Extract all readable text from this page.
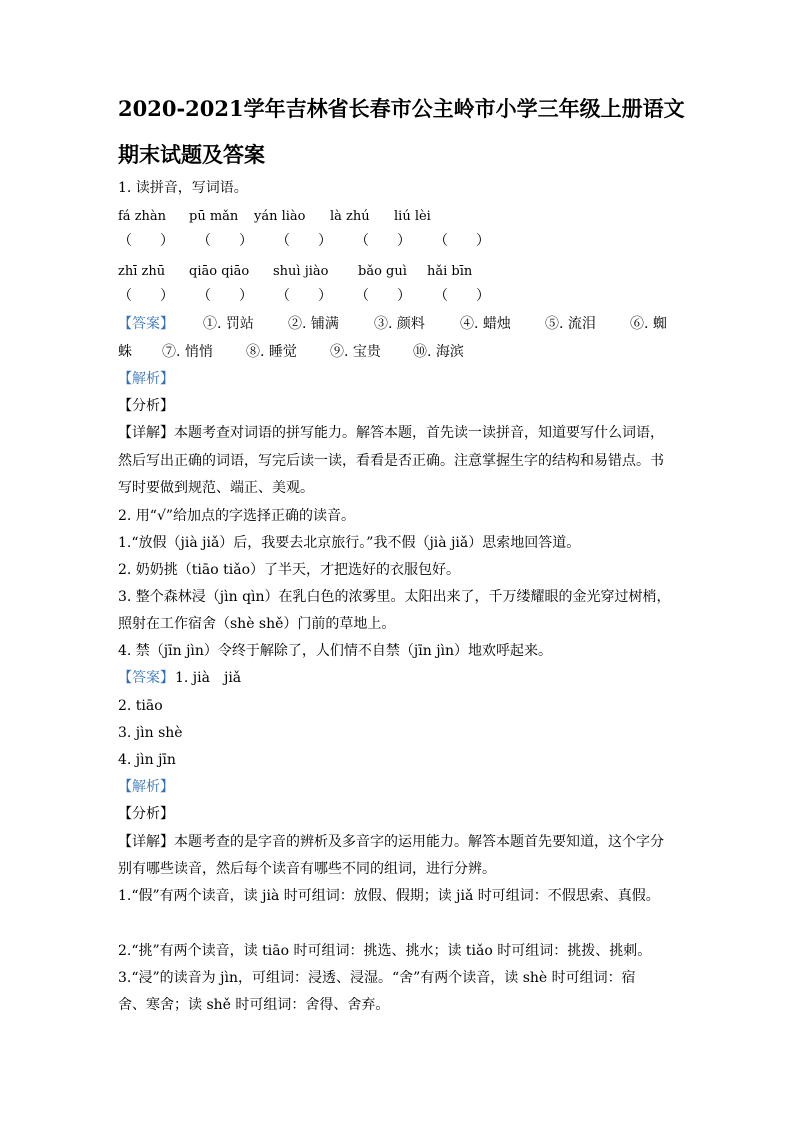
2020-2021学年吉林省长春市公主岭市小学三年级上册语文
期末试题及答案
1. 读拼音，写词语。
fá zhàn pū mǎn yán liào là zhú liú lèi
（　　） （　　） （　　） （　　） （　　）
zhī zhū qiāo qiāo shuì jiào bǎo guì hǎi bīn
（　　） （　　） （　　） （　　） （　　）
【答案】 ①. 罚站 ②. 铺满	③. 颜料	④. 蜡烛 ⑤. 流泪 ⑥. 蜘
蛛 ⑦. 悄悄 ⑧. 睡觉 ⑨. 宝贵 ⑩. 海滨
【解析】
【分析】
【详解】本题考查对词语的拼写能力。解答本题，首先读一读拼音，知道要写什么词语，
然后写出正确的词语，写完后读一读，看看是否正确。注意掌握生字的结构和易错点。书
写时要做到规范、端正、美观。
2. 用“√”给加点的字选择正确的读音。
1.“放假（jià jiǎ）后，我要去北京旅行。”我不假（jià jiǎ）思索地回答道。
2. 奶奶挑（tiāo tiǎo）了半天，才把选好的衣服包好。
3. 整个森林浸（jìn qìn）在乳白色的浓雾里。太阳出来了，千万缕耀眼的金光穿过树梢，
照射在工作宿舍（shè shě）门前的草地上。
4. 禁（jīn jìn）令终于解除了，人们情不自禁（jīn jìn）地欢呼起来。
【答案】 1. jià　jiǎ
2. tiāo
3. jìn shè
4. jìn jīn
【解析】
【分析】
【详解】本题考查的是字音的辨析及多音字的运用能力。解答本题首先要知道，这个字分
别有哪些读音，然后每个读音有哪些不同的组词，进行分辨。
1.“假”有两个读音，读 jià 时可组词：放假、假期；读 jiǎ 时可组词：不假思索、真假。
2.“挑”有两个读音，读 tiāo 时可组词：挑选、挑水；读 tiǎo 时可组词：挑拨、挑刺。
3.“浸”的读音为 jìn，可组词：浸透、浸湿。“舍”有两个读音，读 shè 时可组词：宿
舍、寒舍；读 shě 时可组词：舍得、舍弃。
